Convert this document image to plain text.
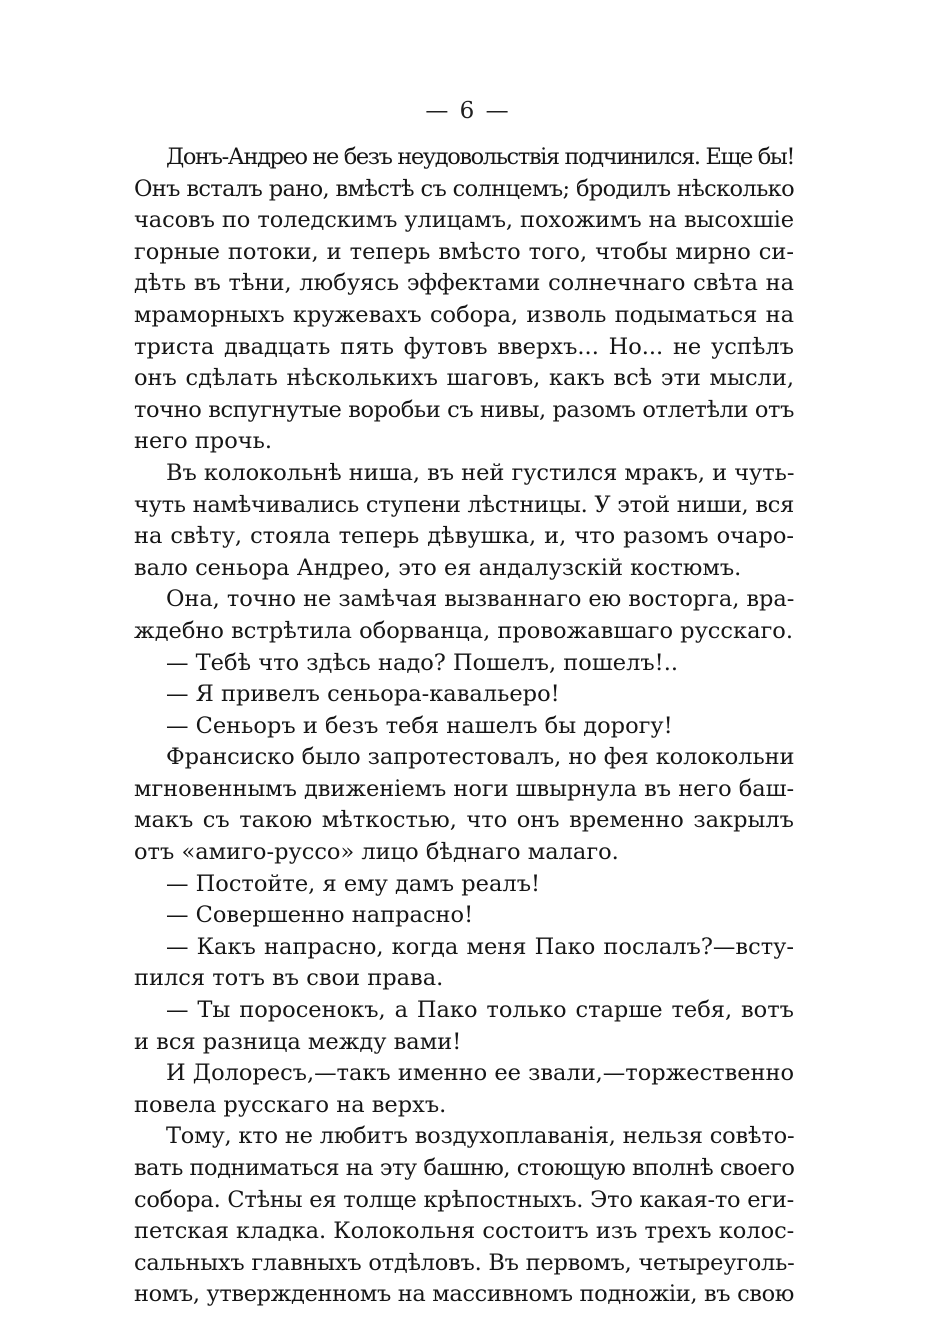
— 6 —
Донъ-Андрео не безъ неудовольствія подчинился. Еще бы!
Онъ всталъ рано, вмѣстѣ съ солнцемъ; бродилъ нѣсколько
часовъ по толедскимъ улицамъ, похожимъ на высохшіе
горные потоки, и теперь вмѣсто того, чтобы мирно си-
дѣть въ тѣни, любуясь эффектами солнечнаго свѣта на
мраморныхъ кружевахъ собора, изволь подыматься на
триста двадцать пять футовъ вверхъ... Но... не успѣлъ
онъ сдѣлать нѣсколькихъ шаговъ, какъ всѣ эти мысли,
точно вспугнутые воробьи съ нивы, разомъ отлетѣли отъ
него прочь.
Въ колокольнѣ ниша, въ ней густился мракъ, и чуть-
чуть намѣчивались ступени лѣстницы. У этой ниши, вся
на свѣту, стояла теперь дѣвушка, и, что разомъ очаро-
вало сеньора Андрео, это ея андалузскій костюмъ.
Она, точно не замѣчая вызваннаго ею восторга, вра-
ждебно встрѣтила оборванца, провожавшаго русскаго.
— Тебѣ что здѣсь надо? Пошелъ, пошелъ!..
— Я привелъ сеньора-кавальеро!
— Сеньоръ и безъ тебя нашелъ бы дорогу!
Франсиско было запротестовалъ, но фея колокольни
мгновеннымъ движеніемъ ноги швырнула въ него баш-
макъ съ такою мѣткостью, что онъ временно закрылъ
отъ «амиго-руссо» лицо бѣднаго малаго.
— Постойте, я ему дамъ реалъ!
— Совершенно напрасно!
— Какъ напрасно, когда меня Пако послалъ?—всту-
пился тотъ въ свои права.
— Ты поросенокъ, а Пако только старше тебя, вотъ
и вся разница между вами!
И Долоресъ,—такъ именно ее звали,—торжественно
повела русскаго на верхъ.
Тому, кто не любитъ воздухоплаванія, нельзя совѣто-
вать подниматься на эту башню, стоющую вполнѣ своего
собора. Стѣны ея толще крѣпостныхъ. Это какая-то еги-
петская кладка. Колокольня состоитъ изъ трехъ колос-
сальныхъ главныхъ отдѣловъ. Въ первомъ, четыреуголь-
номъ, утвержденномъ на массивномъ подножіи, въ свою
